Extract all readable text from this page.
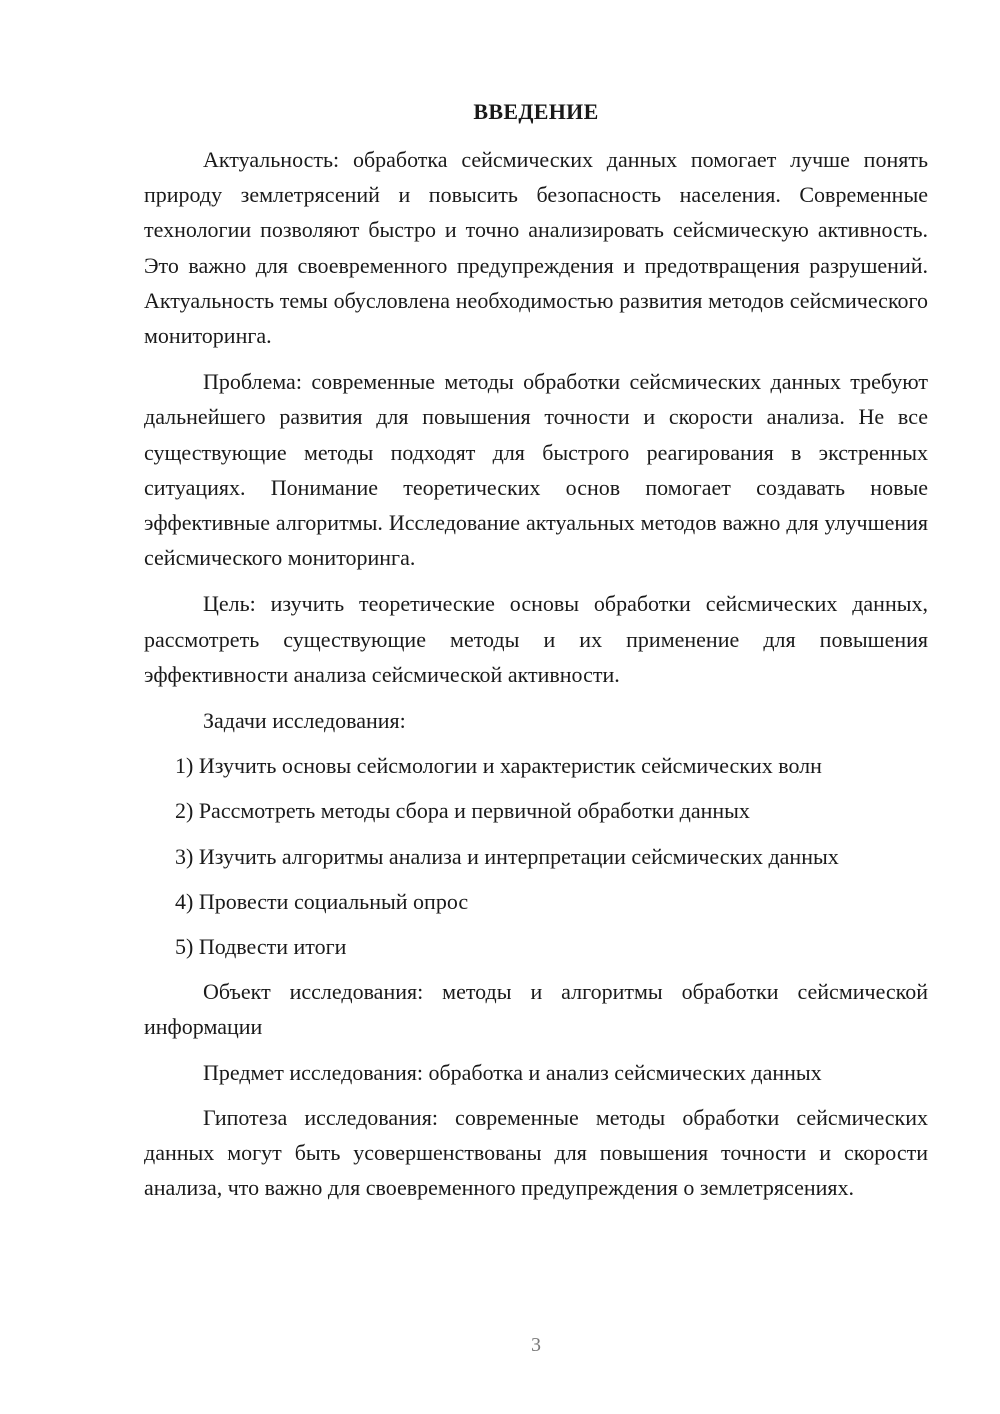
ВВЕДЕНИЕ

Актуальность: обработка сейсмических данных помогает лучше понять природу землетрясений и повысить безопасность населения. Современные технологии позволяют быстро и точно анализировать сейсмическую активность. Это важно для своевременного предупреждения и предотвращения разрушений. Актуальность темы обусловлена необходимостью развития методов сейсмического мониторинга.

Проблема: современные методы обработки сейсмических данных требуют дальнейшего развития для повышения точности и скорости анализа. Не все существующие методы подходят для быстрого реагирования в экстренных ситуациях. Понимание теоретических основ помогает создавать новые эффективные алгоритмы. Исследование актуальных методов важно для улучшения сейсмического мониторинга.

Цель: изучить теоретические основы обработки сейсмических данных, рассмотреть существующие методы и их применение для повышения эффективности анализа сейсмической активности.

Задачи исследования:

1) Изучить основы сейсмологии и характеристик сейсмических волн

2) Рассмотреть методы сбора и первичной обработки данных

3) Изучить алгоритмы анализа и интерпретации сейсмических данных

4) Провести социальный опрос

5) Подвести итоги

Объект исследования: методы и алгоритмы обработки сейсмической информации

Предмет исследования: обработка и анализ сейсмических данных

Гипотеза исследования: современные методы обработки сейсмических данных могут быть усовершенствованы для повышения точности и скорости анализа, что важно для своевременного предупреждения о землетрясениях.

3
